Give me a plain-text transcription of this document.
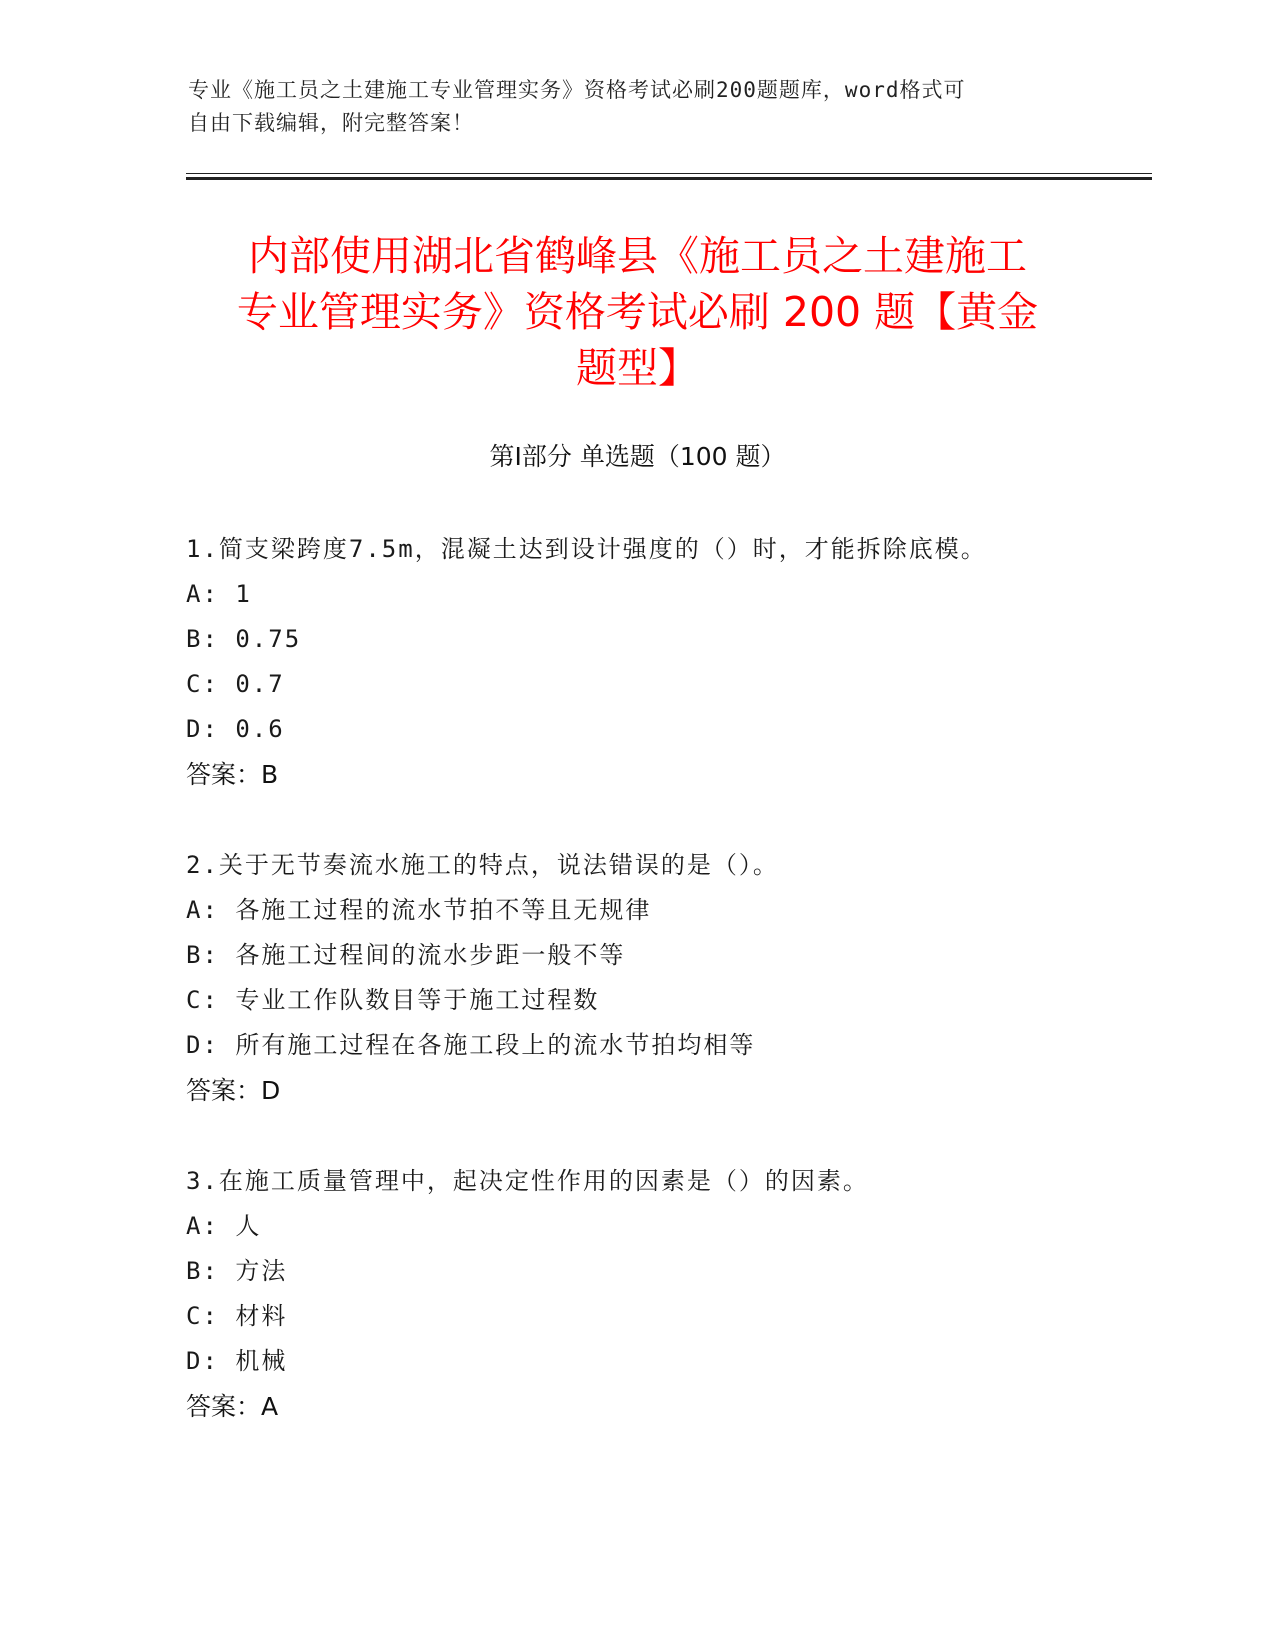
专业《施工员之土建施工专业管理实务》资格考试必刷200题题库，word格式可
自由下载编辑，附完整答案！
内部使用湖北省鹤峰县《施工员之土建施工
专业管理实务》资格考试必刷 200 题【黄金
题型】
第Ⅰ部分 单选题（100 题）
1.简支梁跨度7.5m，混凝土达到设计强度的（）时，才能拆除底模。
A: 1
B: 0.75
C: 0.7
D: 0.6
答案：B
2.关于无节奏流水施工的特点，说法错误的是（）。
A: 各施工过程的流水节拍不等且无规律
B: 各施工过程间的流水步距一般不等
C: 专业工作队数目等于施工过程数
D: 所有施工过程在各施工段上的流水节拍均相等
答案：D
3.在施工质量管理中，起决定性作用的因素是（）的因素。
A: 人
B: 方法
C: 材料
D: 机械
答案：A
